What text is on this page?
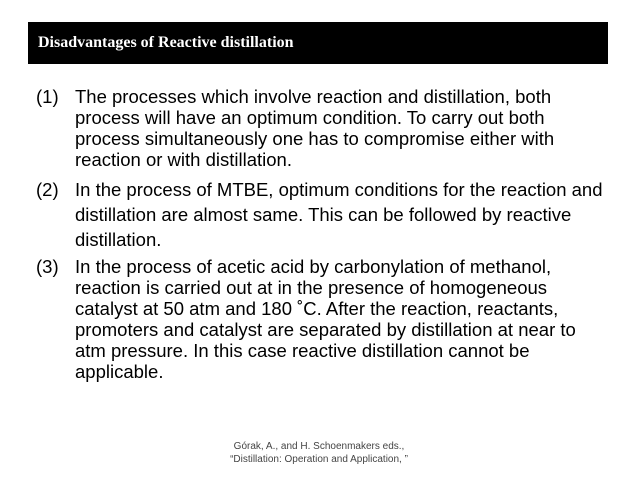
Disadvantages of Reactive distillation
(1) The processes which involve reaction and distillation, both process will have an optimum condition. To carry out both process simultaneously one has to compromise either with reaction or with distillation.
(2) In the process of MTBE, optimum conditions for the reaction and distillation are almost same. This can be followed by reactive distillation.
(3) In the process of acetic acid by carbonylation of methanol, reaction is carried out at in the presence of homogeneous catalyst at 50 atm and 180 ˚C. After the reaction, reactants, promoters and catalyst are separated by distillation at near to atm pressure. In this case reactive distillation cannot be applicable.
Górak, A., and H. Schoenmakers eds.,
“Distillation: Operation and Application, ”
